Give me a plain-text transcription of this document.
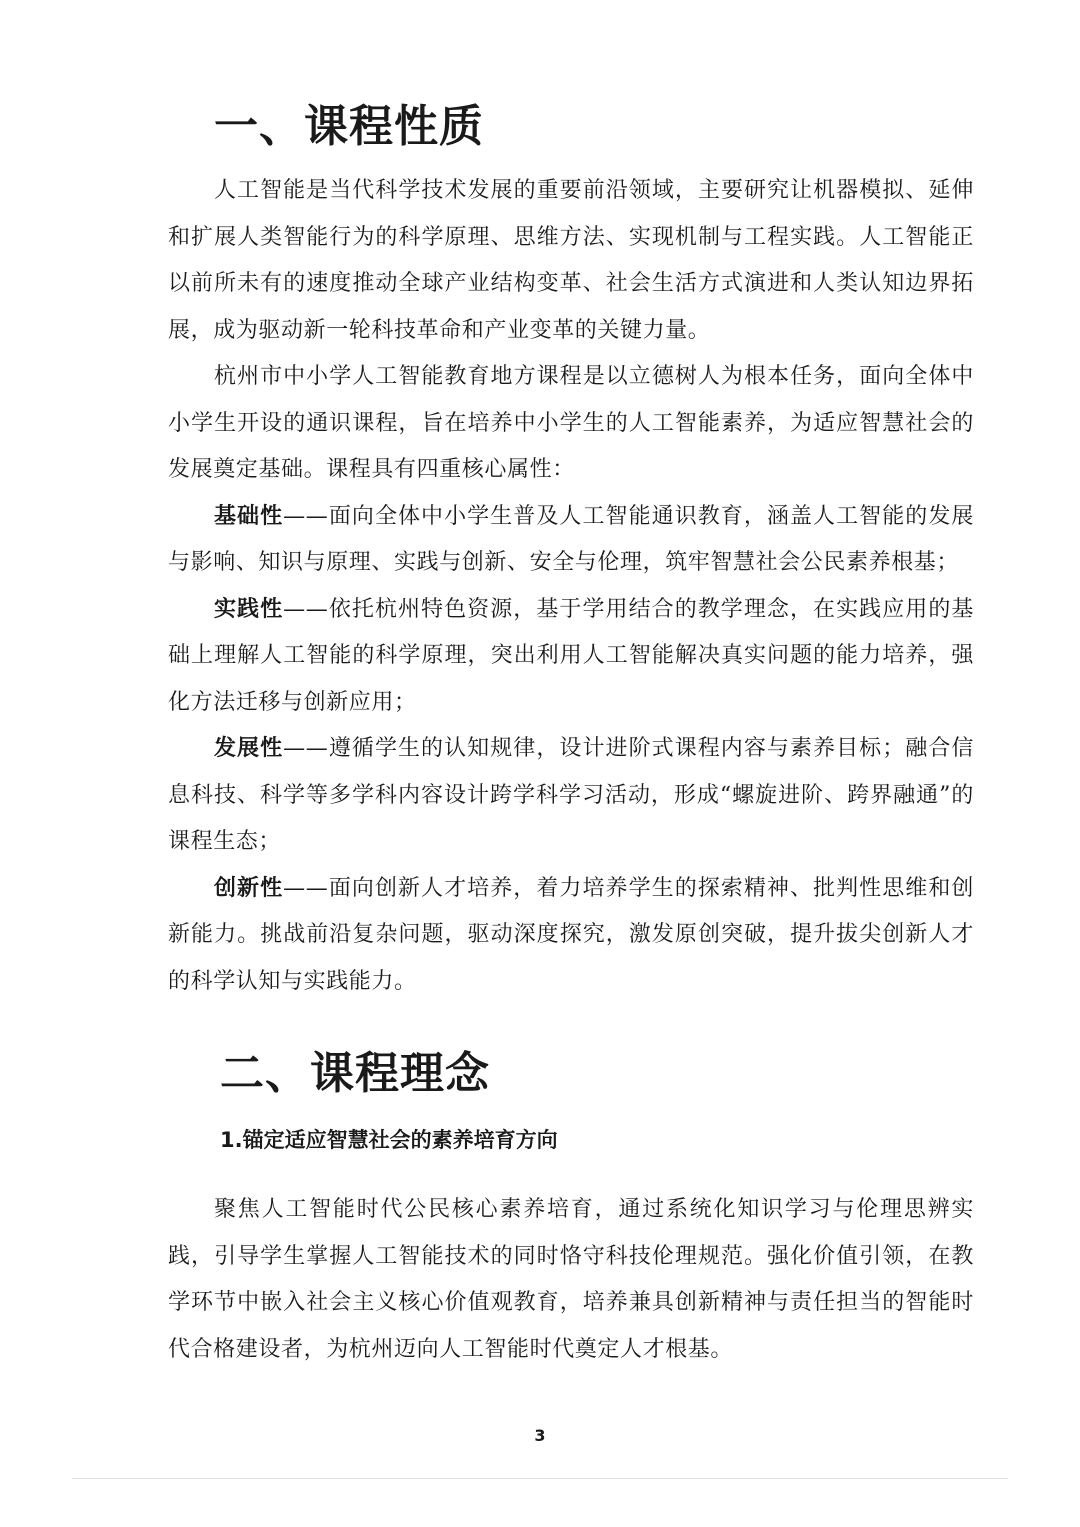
一、课程性质

人工智能是当代科学技术发展的重要前沿领域，主要研究让机器模拟、延伸和扩展人类智能行为的科学原理、思维方法、实现机制与工程实践。人工智能正以前所未有的速度推动全球产业结构变革、社会生活方式演进和人类认知边界拓展，成为驱动新一轮科技革命和产业变革的关键力量。

杭州市中小学人工智能教育地方课程是以立德树人为根本任务，面向全体中小学生开设的通识课程，旨在培养中小学生的人工智能素养，为适应智慧社会的发展奠定基础。课程具有四重核心属性：

基础性——面向全体中小学生普及人工智能通识教育，涵盖人工智能的发展与影响、知识与原理、实践与创新、安全与伦理，筑牢智慧社会公民素养根基；

实践性——依托杭州特色资源，基于学用结合的教学理念，在实践应用的基础上理解人工智能的科学原理，突出利用人工智能解决真实问题的能力培养，强化方法迁移与创新应用；

发展性——遵循学生的认知规律，设计进阶式课程内容与素养目标；融合信息科技、科学等多学科内容设计跨学科学习活动，形成“螺旋进阶、跨界融通”的课程生态；

创新性——面向创新人才培养，着力培养学生的探索精神、批判性思维和创新能力。挑战前沿复杂问题，驱动深度探究，激发原创突破，提升拔尖创新人才的科学认知与实践能力。

二、课程理念
1.锚定适应智慧社会的素养培育方向

聚焦人工智能时代公民核心素养培育，通过系统化知识学习与伦理思辨实践，引导学生掌握人工智能技术的同时恪守科技伦理规范。强化价值引领，在教学环节中嵌入社会主义核心价值观教育，培养兼具创新精神与责任担当的智能时代合格建设者，为杭州迈向人工智能时代奠定人才根基。

3
